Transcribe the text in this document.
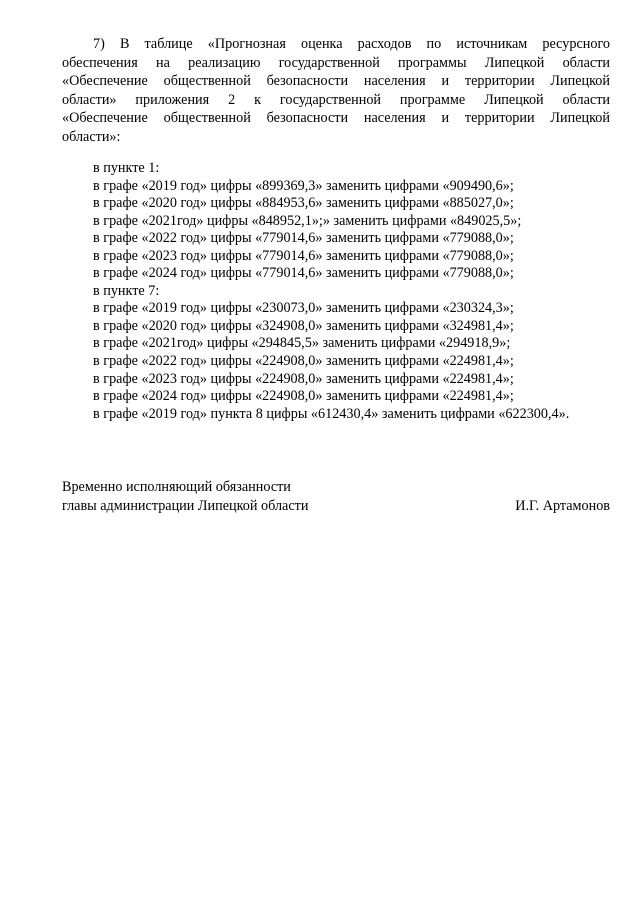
7) В таблице «Прогнозная оценка расходов по источникам ресурсного
обеспечения на реализацию государственной программы Липецкой области
«Обеспечение общественной безопасности населения и территории Липецкой
области» приложения 2 к государственной программе Липецкой области
«Обеспечение общественной безопасности населения и территории Липецкой
области»:
в пункте 1:
в графе «2019 год» цифры «899369,3» заменить цифрами «909490,6»;
в графе «2020 год» цифры «884953,6» заменить цифрами «885027,0»;
в графе «2021год» цифры «848952,1»;» заменить цифрами «849025,5»;
в графе «2022 год» цифры «779014,6» заменить цифрами «779088,0»;
в графе «2023 год» цифры «779014,6» заменить цифрами «779088,0»;
в графе «2024 год» цифры «779014,6» заменить цифрами «779088,0»;
в пункте 7:
в графе «2019 год» цифры «230073,0» заменить цифрами «230324,3»;
в графе «2020 год» цифры «324908,0» заменить цифрами «324981,4»;
в графе «2021год» цифры «294845,5» заменить цифрами «294918,9»;
в графе «2022 год» цифры «224908,0» заменить цифрами «224981,4»;
в графе «2023 год» цифры «224908,0» заменить цифрами «224981,4»;
в графе «2024 год» цифры «224908,0» заменить цифрами «224981,4»;
в графе «2019 год» пункта 8 цифры «612430,4» заменить цифрами «622300,4».
Временно исполняющий обязанности
главы администрации Липецкой области	И.Г. Артамонов
